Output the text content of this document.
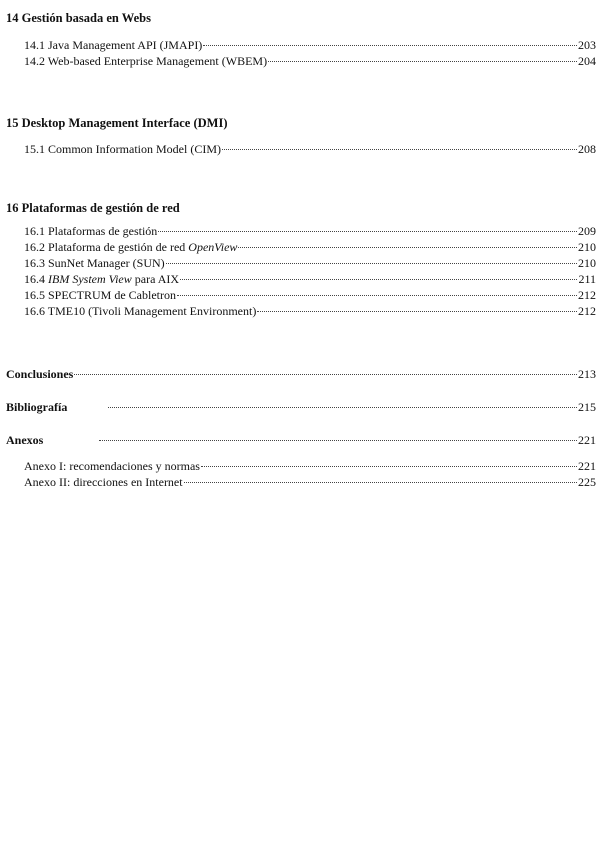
14 Gestión basada en Webs
14.1 Java Management API (JMAPI)	203
14.2 Web-based Enterprise Management (WBEM)	204
15 Desktop Management Interface (DMI)
15.1 Common Information Model (CIM)	208
16 Plataformas de gestión de red
16.1 Plataformas de gestión	209
16.2 Plataforma de gestión de red OpenView	210
16.3 SunNet Manager (SUN)	210
16.4 IBM System View para AIX	211
16.5 SPECTRUM de Cabletron	212
16.6 TME10 (Tivoli Management Environment)	212
Conclusiones	213
Bibliografía	215
Anexos	221
Anexo I: recomendaciones y normas	221
Anexo II: direcciones en Internet	225
